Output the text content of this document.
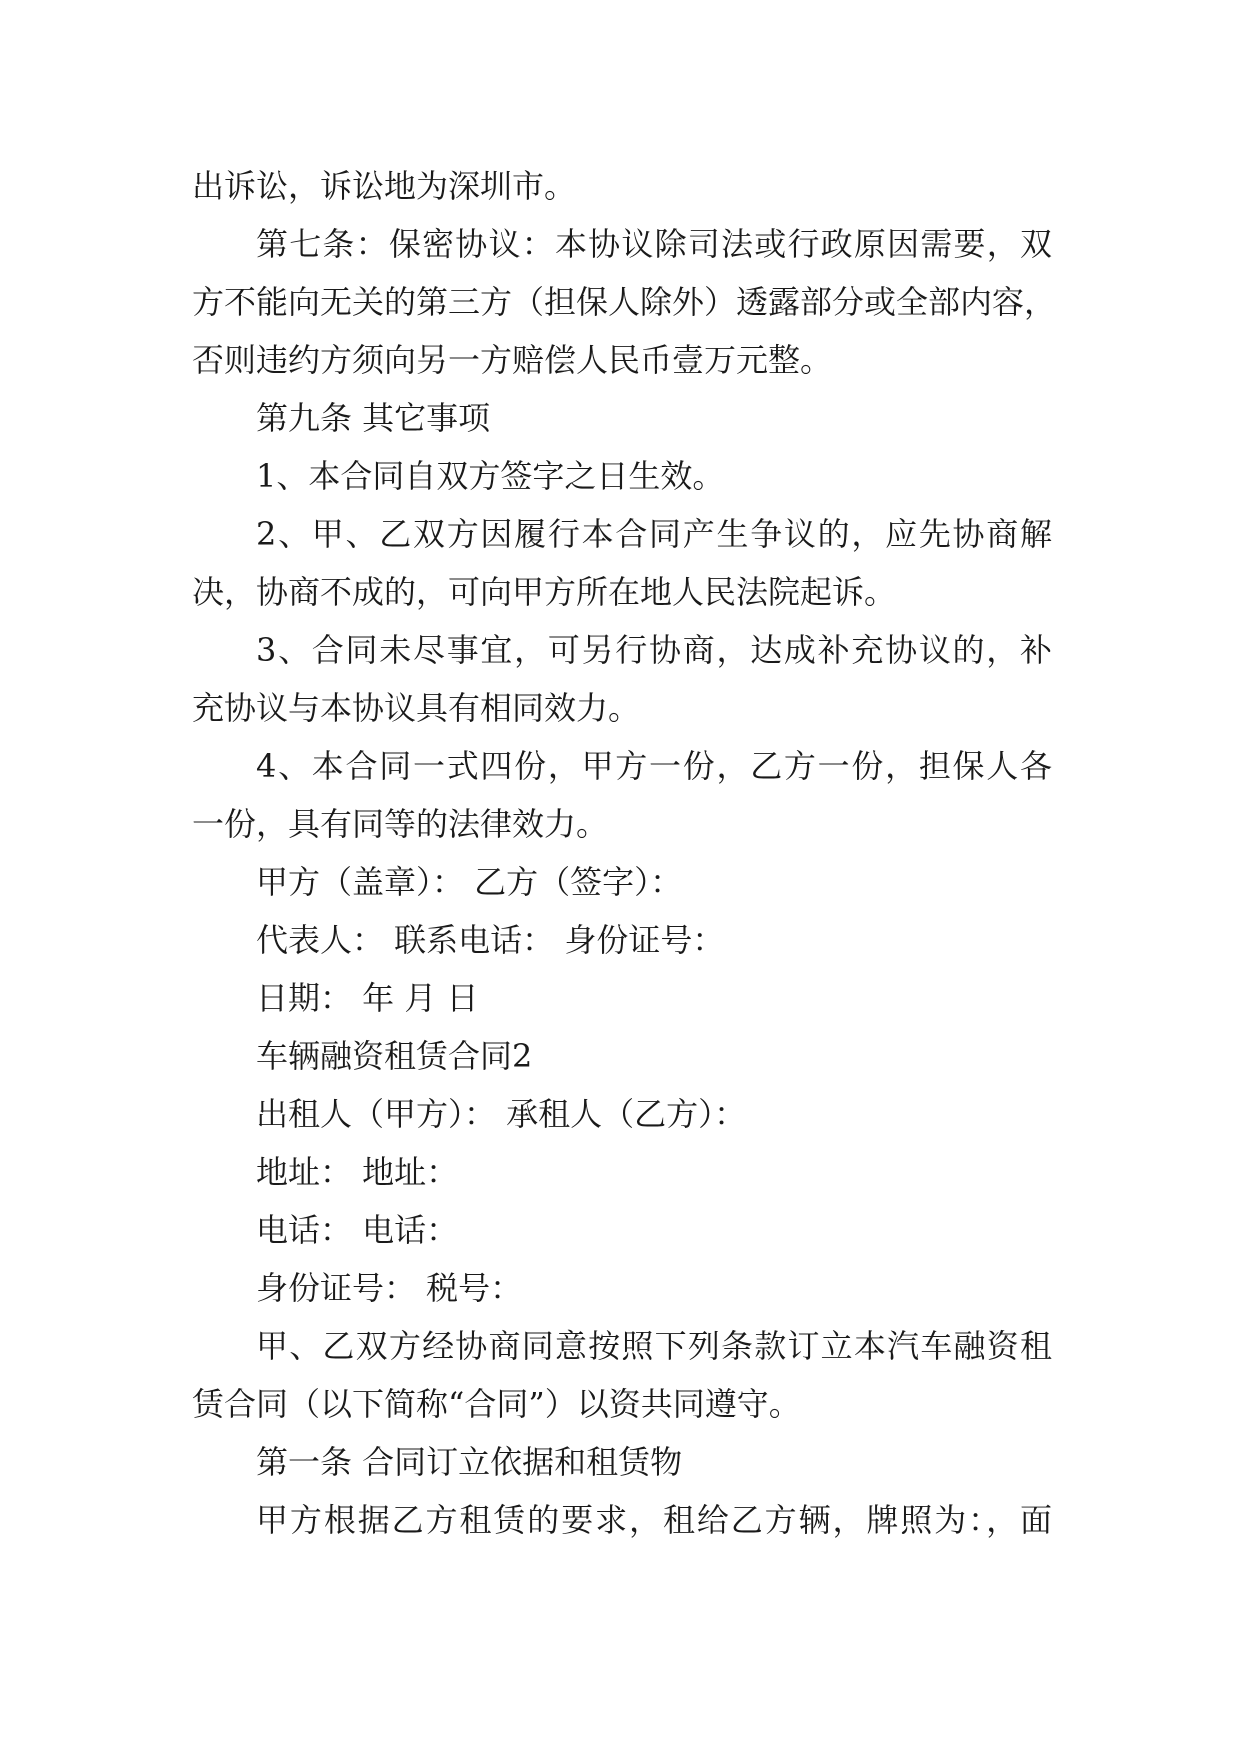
出诉讼，诉讼地为深圳市。
第七条：保密协议：本协议除司法或行政原因需要，双
方不能向无关的第三方（担保人除外）透露部分或全部内容，
否则违约方须向另一方赔偿人民币壹万元整。
第九条 其它事项
1、本合同自双方签字之日生效。
2、甲、乙双方因履行本合同产生争议的，应先协商解
决，协商不成的，可向甲方所在地人民法院起诉。
3、合同未尽事宜，可另行协商，达成补充协议的，补
充协议与本协议具有相同效力。
4、本合同一式四份，甲方一份，乙方一份，担保人各
一份，具有同等的法律效力。
甲方（盖章）： 乙方（签字）：
代表人： 联系电话： 身份证号：
日期： 年 月 日
车辆融资租赁合同2
出租人（甲方）： 承租人（乙方）：
地址： 地址：
电话： 电话：
身份证号： 税号：
甲、乙双方经协商同意按照下列条款订立本汽车融资租
赁合同（以下简称“合同”）以资共同遵守。
第一条 合同订立依据和租赁物
甲方根据乙方租赁的要求，租给乙方辆，牌照为：，面
